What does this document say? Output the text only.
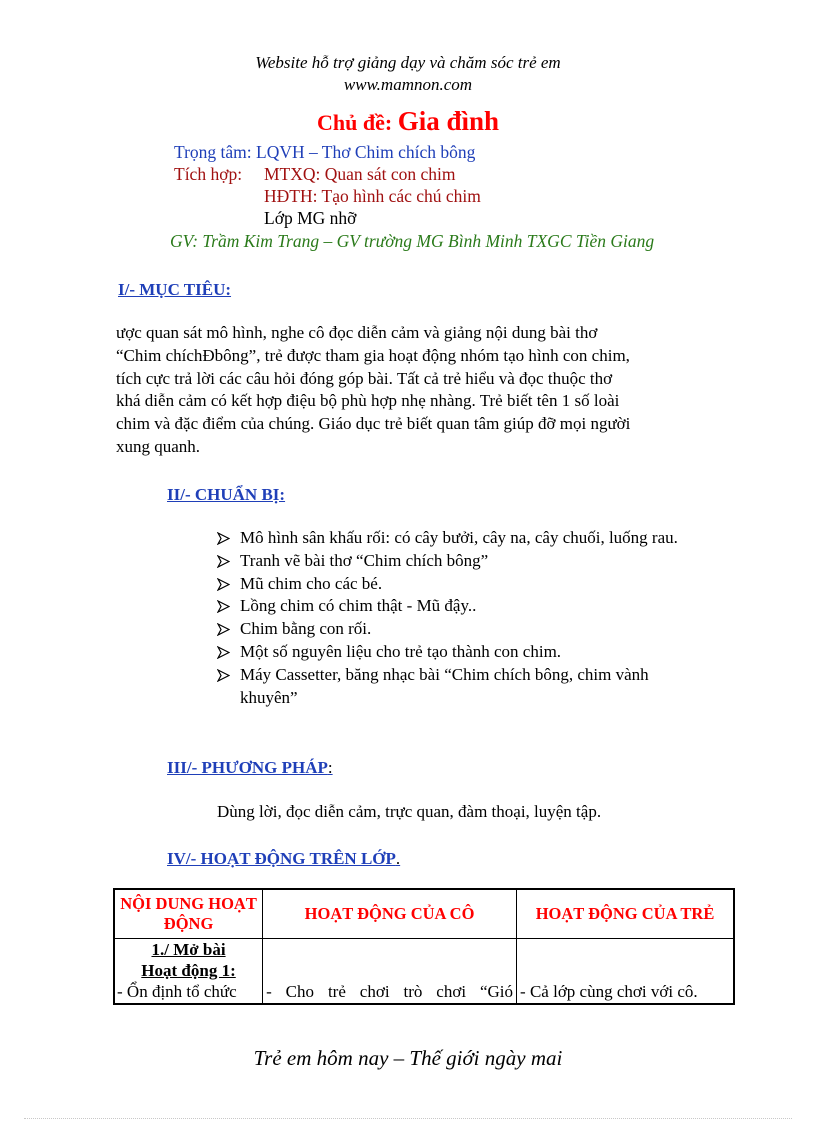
Website hỗ trợ giảng dạy và chăm sóc trẻ em
www.mamnon.com
Chủ đề: Gia đình
Trọng tâm: LQVH – Thơ Chim chích bông
Tích hợp: MTXQ: Quan sát con chim
HĐTH: Tạo hình các chú chim
Lớp MG nhỡ
GV: Trầm Kim Trang – GV trường MG Bình Minh TXGC Tiền Giang
I/- MỤC TIÊU:
ược quan sát mô hình, nghe cô đọc diễn cảm và giảng nội dung bài thơ
“Chim chíchĐbông”, trẻ được tham gia hoạt động nhóm tạo hình con chim,
tích cực trả lời các câu hỏi đóng góp bài. Tất cả trẻ hiểu và đọc thuộc thơ
khá diễn cảm có kết hợp điệu bộ phù hợp nhẹ nhàng. Trẻ biết tên 1 số loài
chim và đặc điểm của chúng. Giáo dục trẻ biết quan tâm giúp đỡ mọi người
xung quanh.
II/- CHUẨN BỊ:
Mô hình sân khấu rối: có cây bưởi, cây na, cây chuối, luống rau.
Tranh vẽ bài thơ “Chim chích bông”
Mũ chim cho các bé.
Lồng chim có chim thật - Mũ đậy..
Chim bằng con rối.
Một số nguyên liệu cho trẻ tạo thành con chim.
Máy Cassetter, băng nhạc bài “Chim chích bông, chim vành khuyên”
III/- PHƯƠNG PHÁP:
Dùng lời, đọc diễn cảm, trực quan, đàm thoại, luyện tập.
IV/- HOẠT ĐỘNG TRÊN LỚP.
NỘI DUNG HOẠT ĐỘNG	HOẠT ĐỘNG CỦA CÔ	HOẠT ĐỘNG CỦA TRẺ

1./ Mở bài
Hoạt động 1:
- Ổn định tổ chức	- Cho trẻ chơi trò chơi “Gió	- Cả lớp cùng chơi với cô.
Trẻ em hôm nay – Thế giới ngày mai
